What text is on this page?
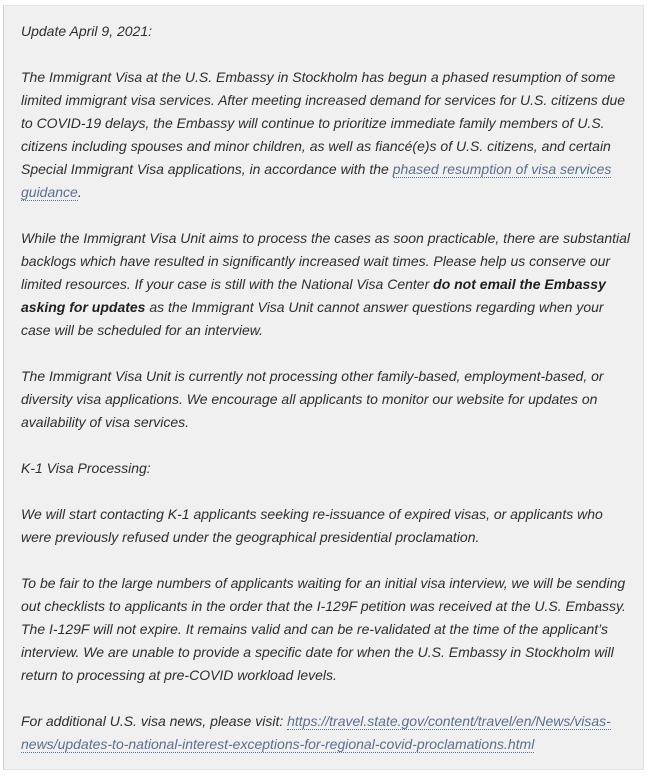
Update April 9, 2021:

The Immigrant Visa at the U.S. Embassy in Stockholm has begun a phased resumption of some limited immigrant visa services. After meeting increased demand for services for U.S. citizens due to COVID-19 delays, the Embassy will continue to prioritize immediate family members of U.S. citizens including spouses and minor children, as well as fiancé(e)s of U.S. citizens, and certain Special Immigrant Visa applications, in accordance with the phased resumption of visa services guidance.

While the Immigrant Visa Unit aims to process the cases as soon practicable, there are substantial backlogs which have resulted in significantly increased wait times. Please help us conserve our limited resources. If your case is still with the National Visa Center do not email the Embassy asking for updates as the Immigrant Visa Unit cannot answer questions regarding when your case will be scheduled for an interview.

The Immigrant Visa Unit is currently not processing other family-based, employment-based, or diversity visa applications. We encourage all applicants to monitor our website for updates on availability of visa services.

K-1 Visa Processing:

We will start contacting K-1 applicants seeking re-issuance of expired visas, or applicants who were previously refused under the geographical presidential proclamation.

To be fair to the large numbers of applicants waiting for an initial visa interview, we will be sending out checklists to applicants in the order that the I-129F petition was received at the U.S. Embassy. The I-129F will not expire. It remains valid and can be re-validated at the time of the applicant’s interview. We are unable to provide a specific date for when the U.S. Embassy in Stockholm will return to processing at pre-COVID workload levels.

For additional U.S. visa news, please visit: https://travel.state.gov/content/travel/en/News/visas-news/updates-to-national-interest-exceptions-for-regional-covid-proclamations.html
